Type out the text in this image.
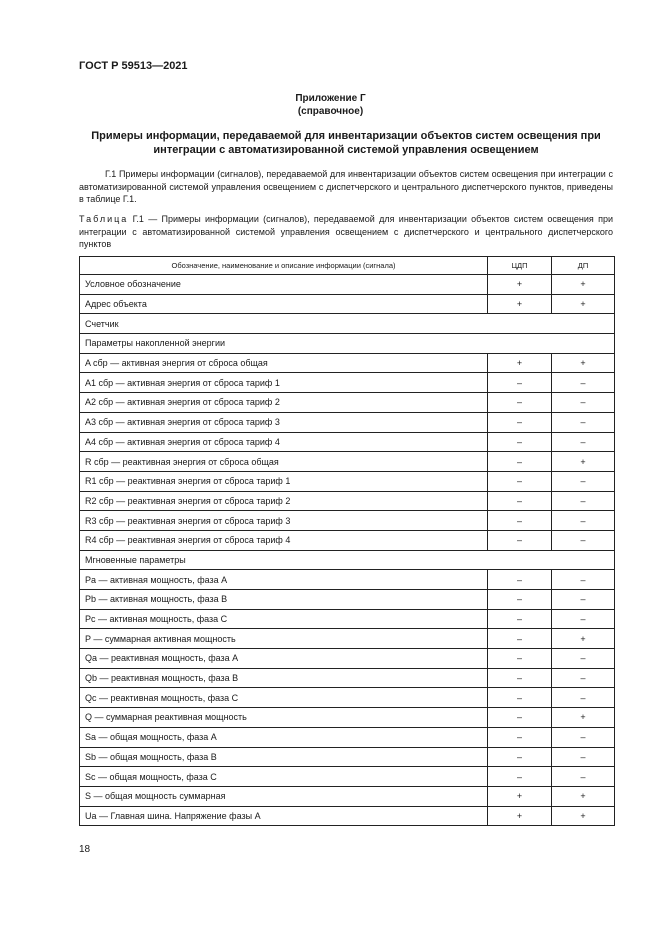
ГОСТ Р 59513—2021
Приложение Г
(справочное)
Примеры информации, передаваемой для инвентаризации объектов систем освещения при интеграции с автоматизированной системой управления освещением
Г.1 Примеры информации (сигналов), передаваемой для инвентаризации объектов систем освещения при интеграции с автоматизированной системой управления освещением с диспетчерского и центрального диспетчерского пунктов, приведены в таблице Г.1.
Таблица Г.1 — Примеры информации (сигналов), передаваемой для инвентаризации объектов систем освещения при интеграции с автоматизированной системой управления освещением с диспетчерского и центрального диспетчерского пунктов
Обозначение, наименование и описание информации (сигнала)	ЦДП	ДП
Условное обозначение	+	+
Адрес объекта	+	+
Счетчик		
Параметры накопленной энергии		
A сбр — активная энергия от сброса общая	+	+
A1 сбр — активная энергия от сброса тариф 1	–	–
A2 сбр — активная энергия от сброса тариф 2	–	–
A3 сбр — активная энергия от сброса тариф 3	–	–
A4 сбр — активная энергия от сброса тариф 4	–	–
R сбр — реактивная энергия от сброса общая	–	+
R1 сбр — реактивная энергия от сброса тариф 1	–	–
R2 сбр — реактивная энергия от сброса тариф 2	–	–
R3 сбр — реактивная энергия от сброса тариф 3	–	–
R4 сбр — реактивная энергия от сброса тариф 4	–	–
Мгновенные параметры		
Pa — активная мощность, фаза A	–	–
Pb — активная мощность, фаза B	–	–
Pc — активная мощность, фаза C	–	–
P — суммарная активная мощность	–	+
Qa — реактивная мощность, фаза A	–	–
Qb — реактивная мощность, фаза B	–	–
Qc — реактивная мощность, фаза C	–	–
Q — суммарная реактивная мощность	–	+
Sa — общая мощность, фаза A	–	–
Sb — общая мощность, фаза B	–	–
Sc — общая мощность, фаза C	–	–
S — общая мощность суммарная	+	+
Ua — Главная шина. Напряжение фазы A	+	+
18
